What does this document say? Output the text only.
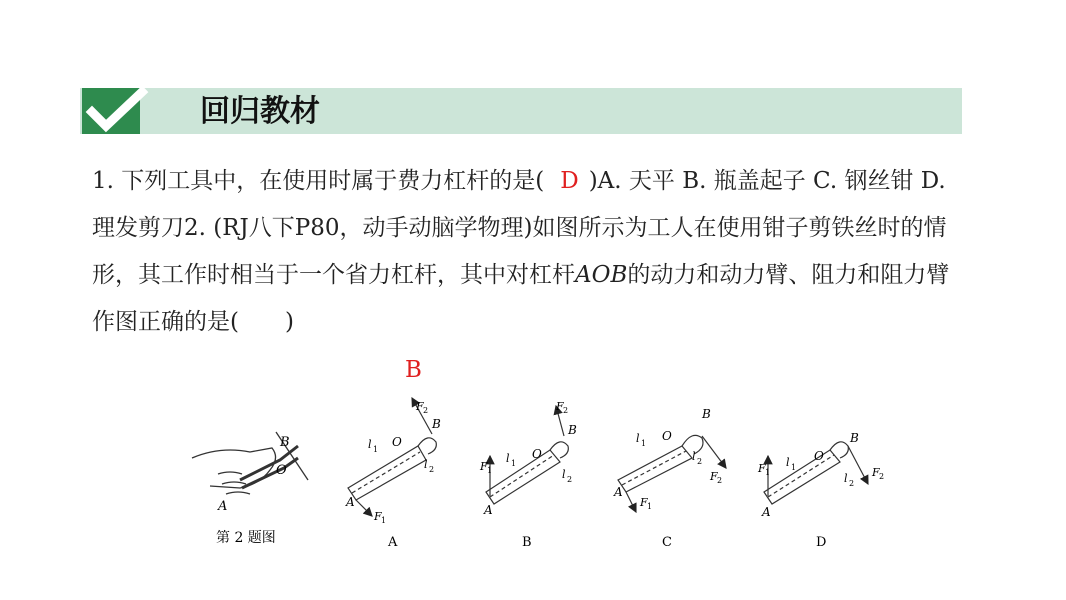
回归教材
1. 下列工具中，在使用时属于费力杠杆的是( D )A. 天平 B. 瓶盖起子 C. 钢丝钳 D. 理发剪刀2. (RJ八下P80，动手动脑学物理)如图所示为工人在使用钳子剪铁丝时的情形，其工作时相当于一个省力杠杆，其中对杠杆AOB的动力和动力臂、阻力和阻力臂作图正确的是( )
B
B
O
A
第 2 题图
F 2
B
O
l 1
l 2
A
F 1
A
F 2
B
O
l 1
l 2
F 1
A
B
B
O
l 1
l 2
F 2
A
F 1
C
B
O
l 1
l 2
F 2
F 1
A
D
